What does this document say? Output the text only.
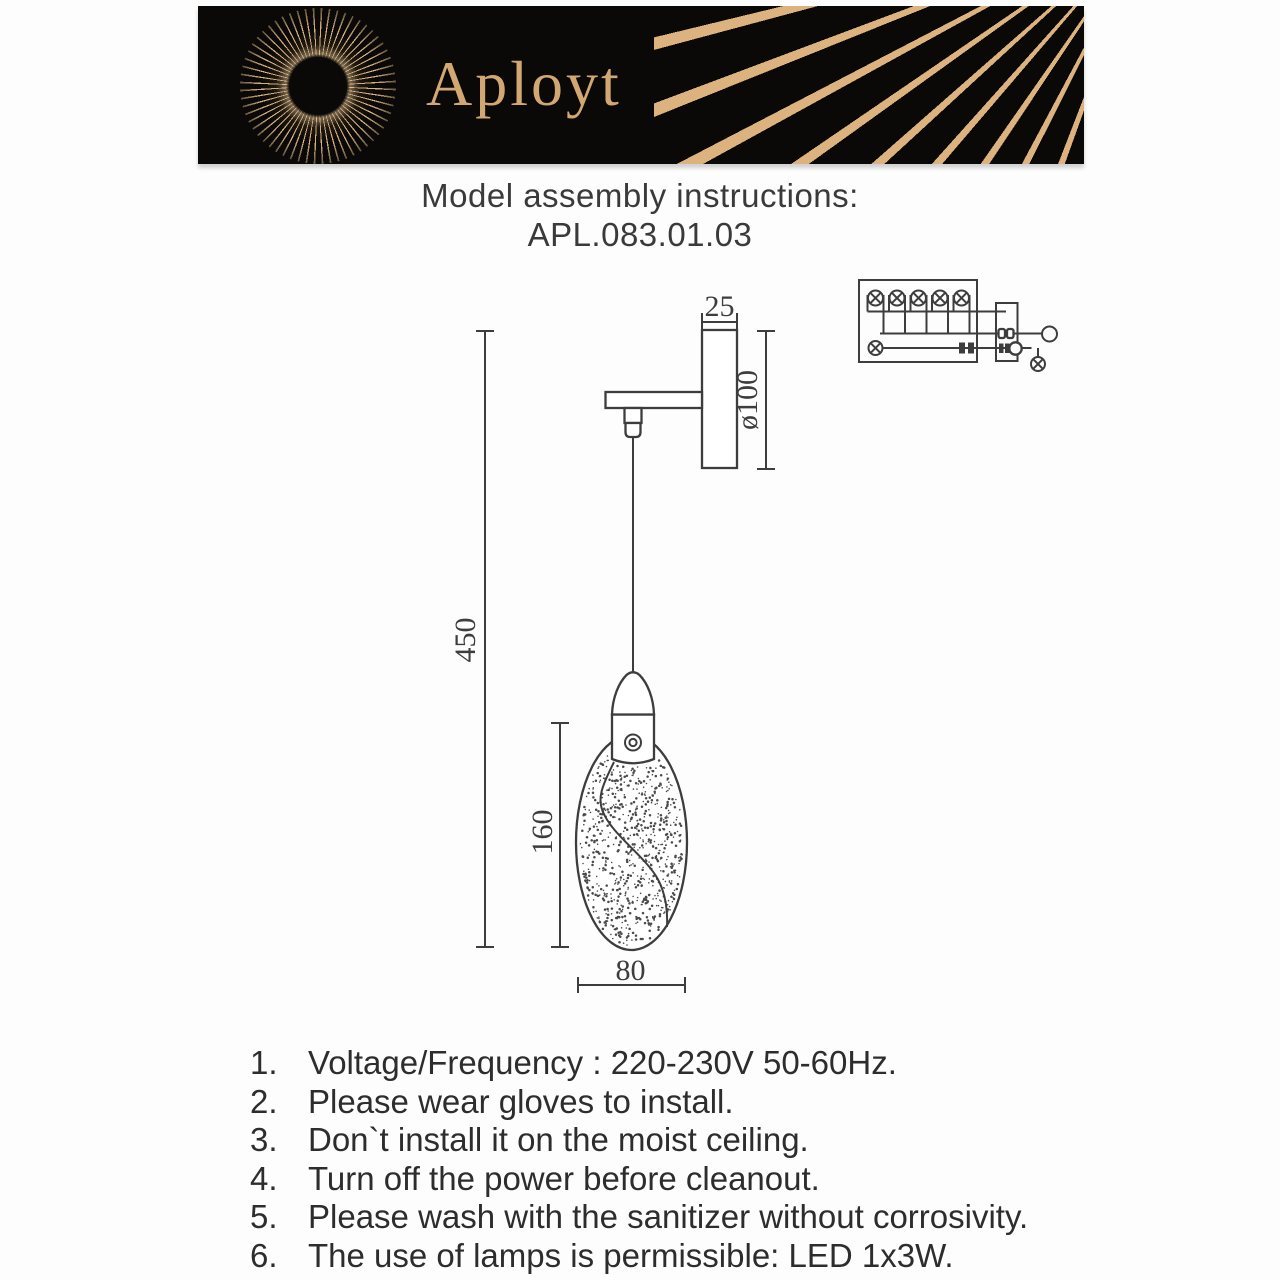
Aployt
Model assembly instructions:
APL.083.01.03
450
25
ø100
160
80
1. Voltage/Frequency : 220-230V 50-60Hz.
2. Please wear gloves to install.
3. Don`t install it on the moist ceiling.
4. Turn off the power before cleanout.
5. Please wash with the sanitizer without corrosivity.
6. The use of lamps is permissible: LED 1x3W.
